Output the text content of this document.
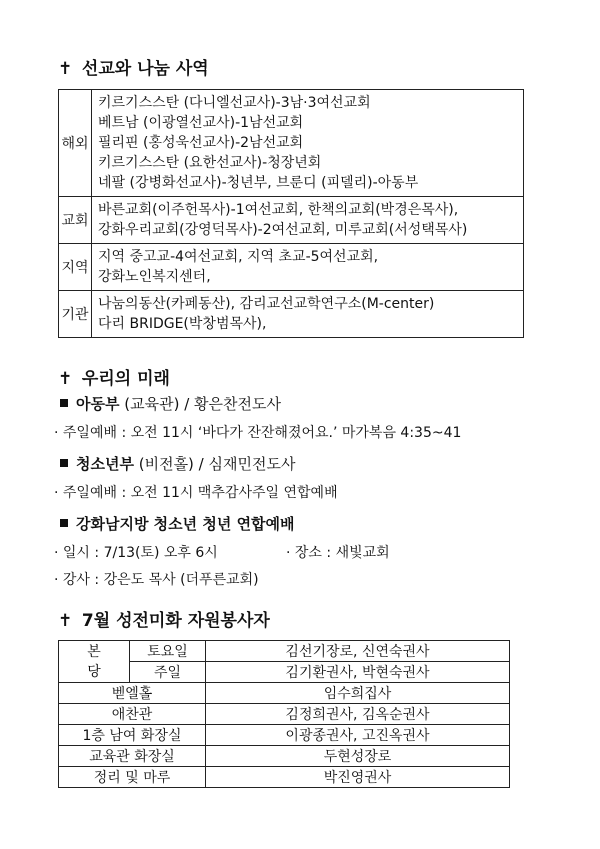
✝ 선교와 나눔 사역
해외	키르기스스탄 (다니엘선교사)-3남·3여선교회
베트남 (이광열선교사)-1남선교회
필리핀 (홍성욱선교사)-2남선교회
키르기스스탄 (요한선교사)-청장년회
네팔 (강병화선교사)-청년부, 브룬디 (피델리)-아동부

교회	바른교회(이주헌목사)-1여선교회, 한책의교회(박경은목사),
강화우리교회(강영덕목사)-2여선교회, 미루교회(서성택목사)

지역	지역 중고교-4여선교회, 지역 초교-5여선교회,
강화노인복지센터,

기관	나눔의동산(카페동산), 감리교선교학연구소(M-center)
다리 BRIDGE(박창범목사),
✝ 우리의 미래
아동부 (교육관) / 황은찬전도사
· 주일예배 : 오전 11시 ‘바다가 잔잔해졌어요.’ 마가복음 4:35~41
청소년부 (비전홀) / 심재민전도사
· 주일예배 : 오전 11시 맥추감사주일 연합예배
강화남지방 청소년 청년 연합예배
· 일시 : 7/13(토) 오후 6시	· 장소 : 새빛교회
· 강사 : 강은도 목사 (더푸른교회)
✝ 7월 성전미화 자원봉사자
본 당	토요일	김선기장로, 신연숙권사
	주일	김기환권사, 박현숙권사
벧엘홀		임수희집사
애찬관		김정희권사, 김옥순권사
1층 남여 화장실		이광종권사, 고진옥권사
교육관 화장실		두현성장로
정리 및 마루		박진영권사
